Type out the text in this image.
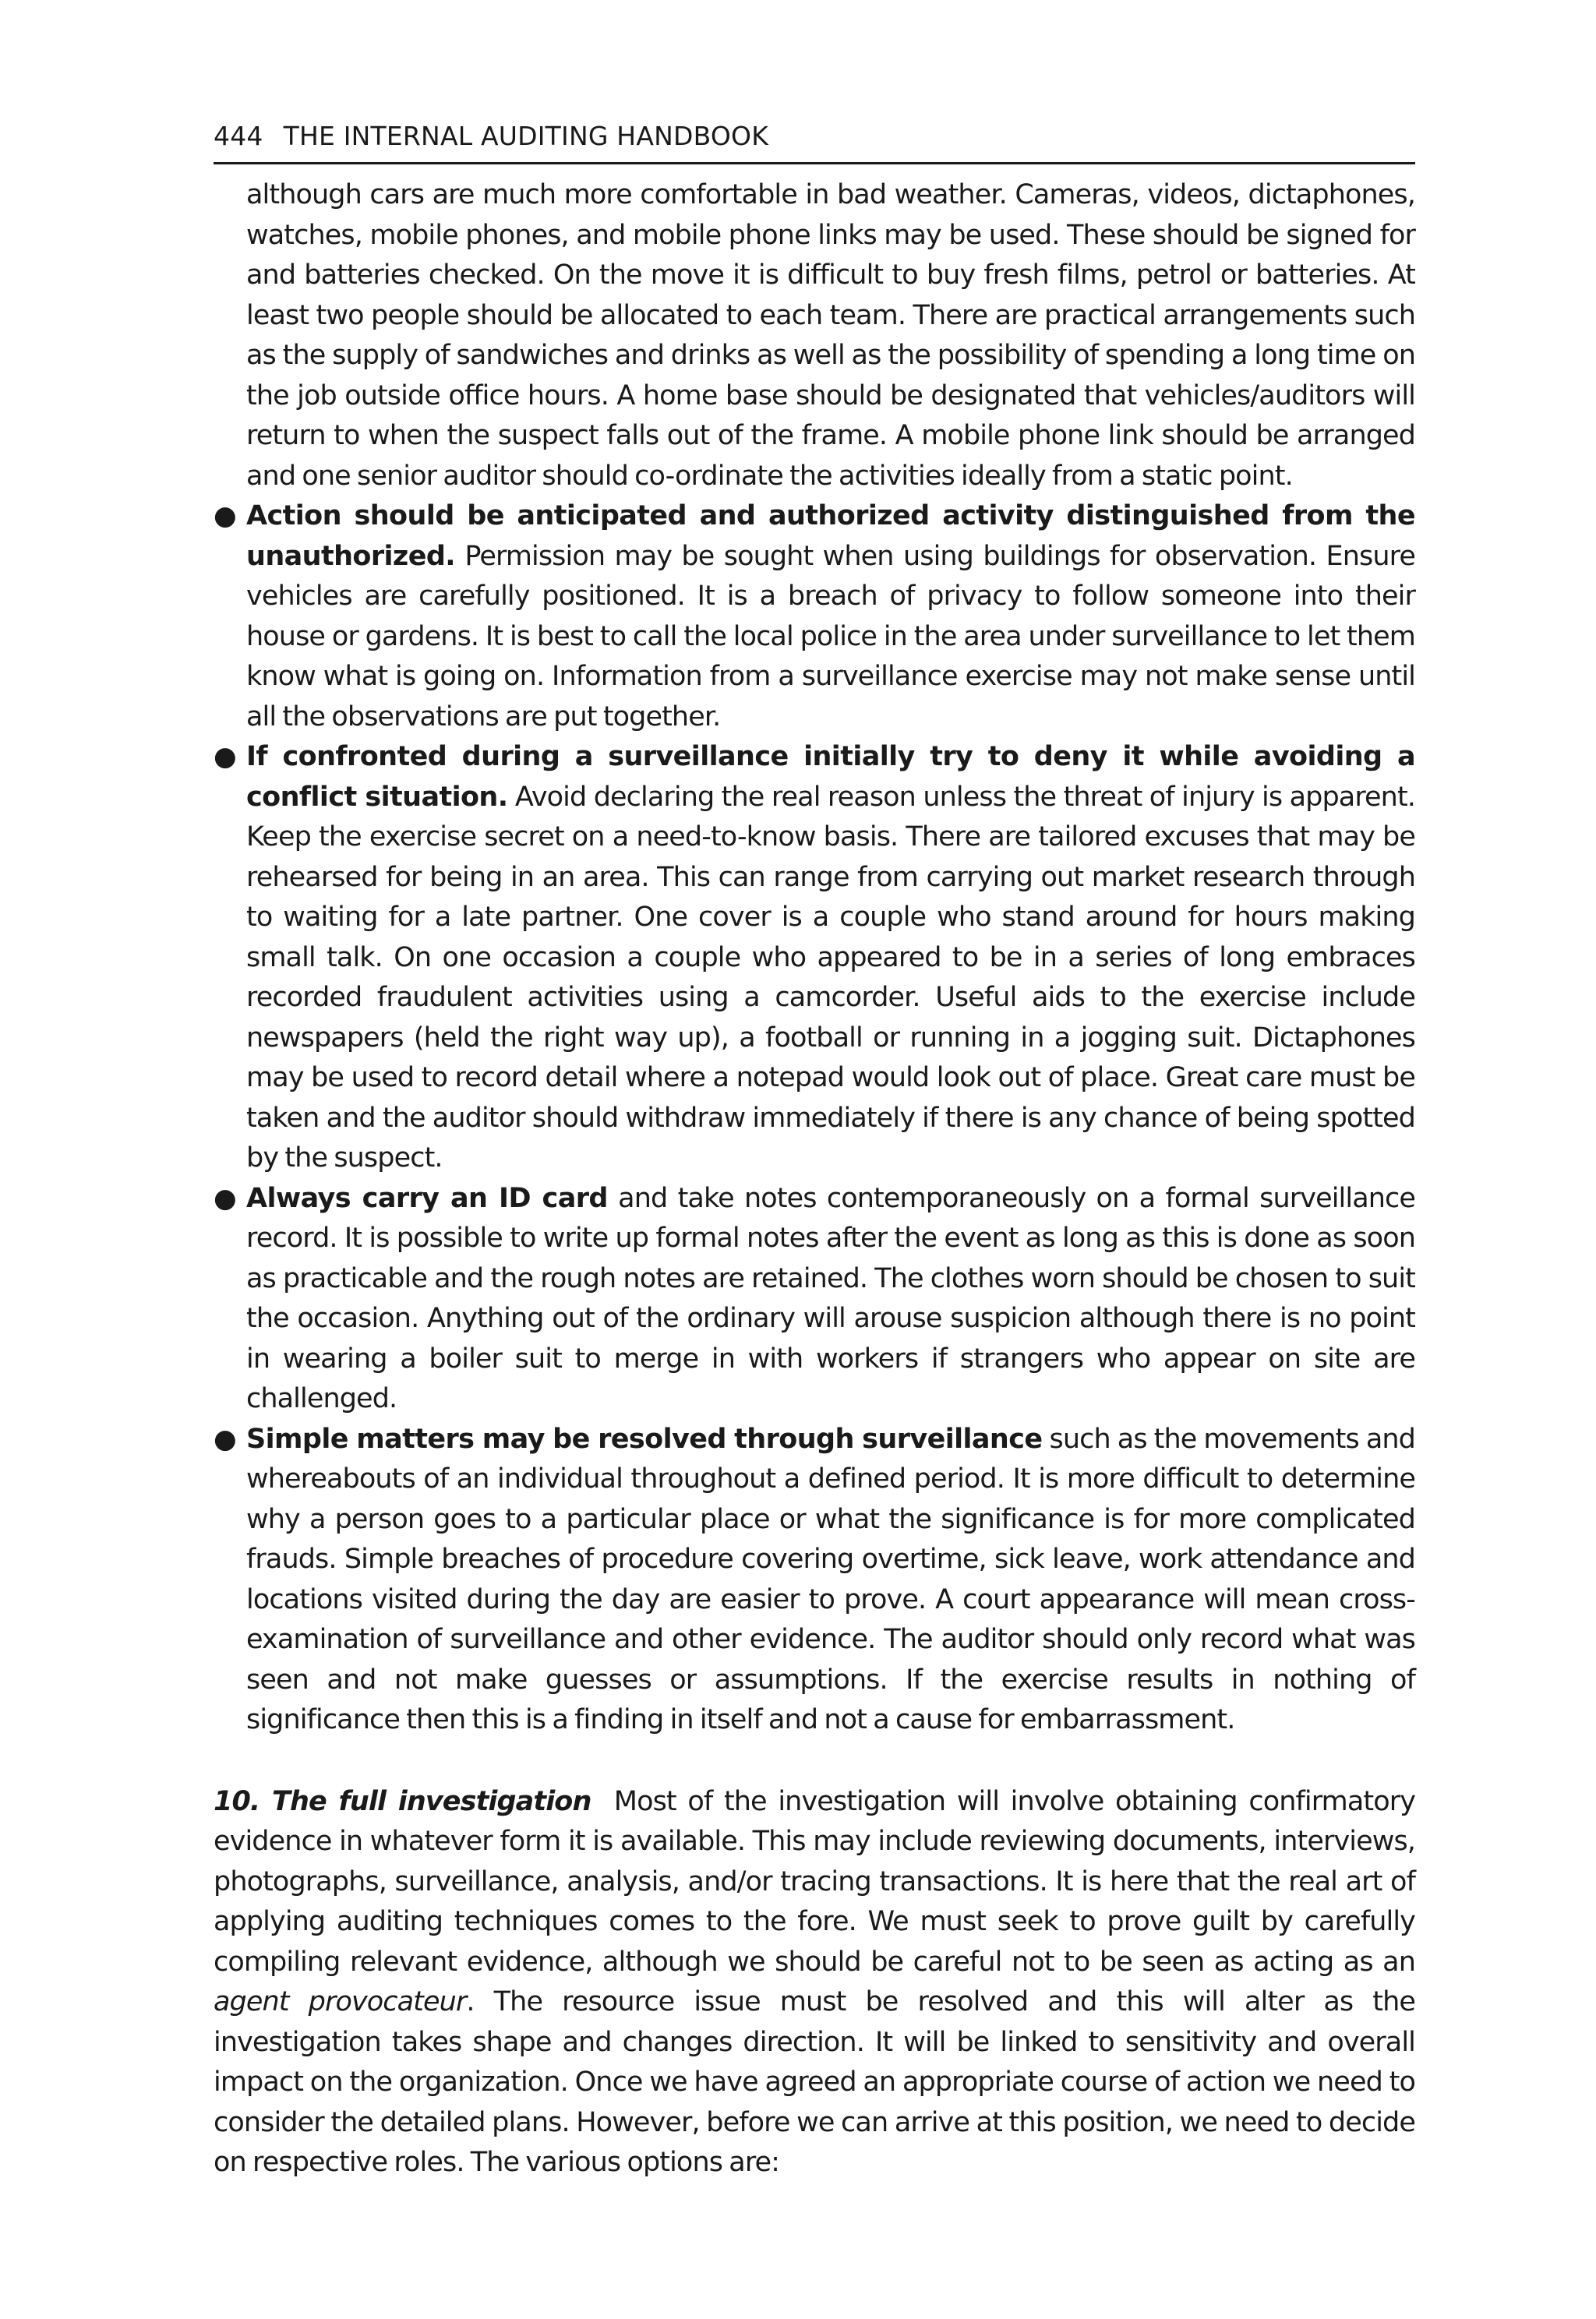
444 THE INTERNAL AUDITING HANDBOOK

although cars are much more comfortable in bad weather. Cameras, videos, dictaphones, watches, mobile phones, and mobile phone links may be used. These should be signed for and batteries checked. On the move it is difficult to buy fresh films, petrol or batteries. At least two people should be allocated to each team. There are practical arrangements such as the supply of sandwiches and drinks as well as the possibility of spending a long time on the job outside office hours. A home base should be designated that vehicles/auditors will return to when the suspect falls out of the frame. A mobile phone link should be arranged and one senior auditor should co-ordinate the activities ideally from a static point.

● Action should be anticipated and authorized activity distinguished from the unauthorized. Permission may be sought when using buildings for observation. Ensure vehicles are carefully positioned. It is a breach of privacy to follow someone into their house or gardens. It is best to call the local police in the area under surveillance to let them know what is going on. Information from a surveillance exercise may not make sense until all the observations are put together.
● If confronted during a surveillance initially try to deny it while avoiding a conflict situation. Avoid declaring the real reason unless the threat of injury is apparent. Keep the exercise secret on a need-to-know basis. There are tailored excuses that may be rehearsed for being in an area. This can range from carrying out market research through to waiting for a late partner. One cover is a couple who stand around for hours making small talk. On one occasion a couple who appeared to be in a series of long embraces recorded fraudulent activities using a camcorder. Useful aids to the exercise include newspapers (held the right way up), a football or running in a jogging suit. Dictaphones may be used to record detail where a notepad would look out of place. Great care must be taken and the auditor should withdraw immediately if there is any chance of being spotted by the suspect.
● Always carry an ID card and take notes contemporaneously on a formal surveillance record. It is possible to write up formal notes after the event as long as this is done as soon as practicable and the rough notes are retained. The clothes worn should be chosen to suit the occasion. Anything out of the ordinary will arouse suspicion although there is no point in wearing a boiler suit to merge in with workers if strangers who appear on site are challenged.
● Simple matters may be resolved through surveillance such as the movements and whereabouts of an individual throughout a defined period. It is more difficult to determine why a person goes to a particular place or what the significance is for more complicated frauds. Simple breaches of procedure covering overtime, sick leave, work attendance and locations visited during the day are easier to prove. A court appearance will mean cross-examination of surveillance and other evidence. The auditor should only record what was seen and not make guesses or assumptions. If the exercise results in nothing of significance then this is a finding in itself and not a cause for embarrassment.

10. The full investigation Most of the investigation will involve obtaining confirmatory evidence in whatever form it is available. This may include reviewing documents, interviews, photographs, surveillance, analysis, and/or tracing transactions. It is here that the real art of applying auditing techniques comes to the fore. We must seek to prove guilt by carefully compiling relevant evidence, although we should be careful not to be seen as acting as an agent provocateur. The resource issue must be resolved and this will alter as the investigation takes shape and changes direction. It will be linked to sensitivity and overall impact on the organization. Once we have agreed an appropriate course of action we need to consider the detailed plans. However, before we can arrive at this position, we need to decide on respective roles. The various options are:
